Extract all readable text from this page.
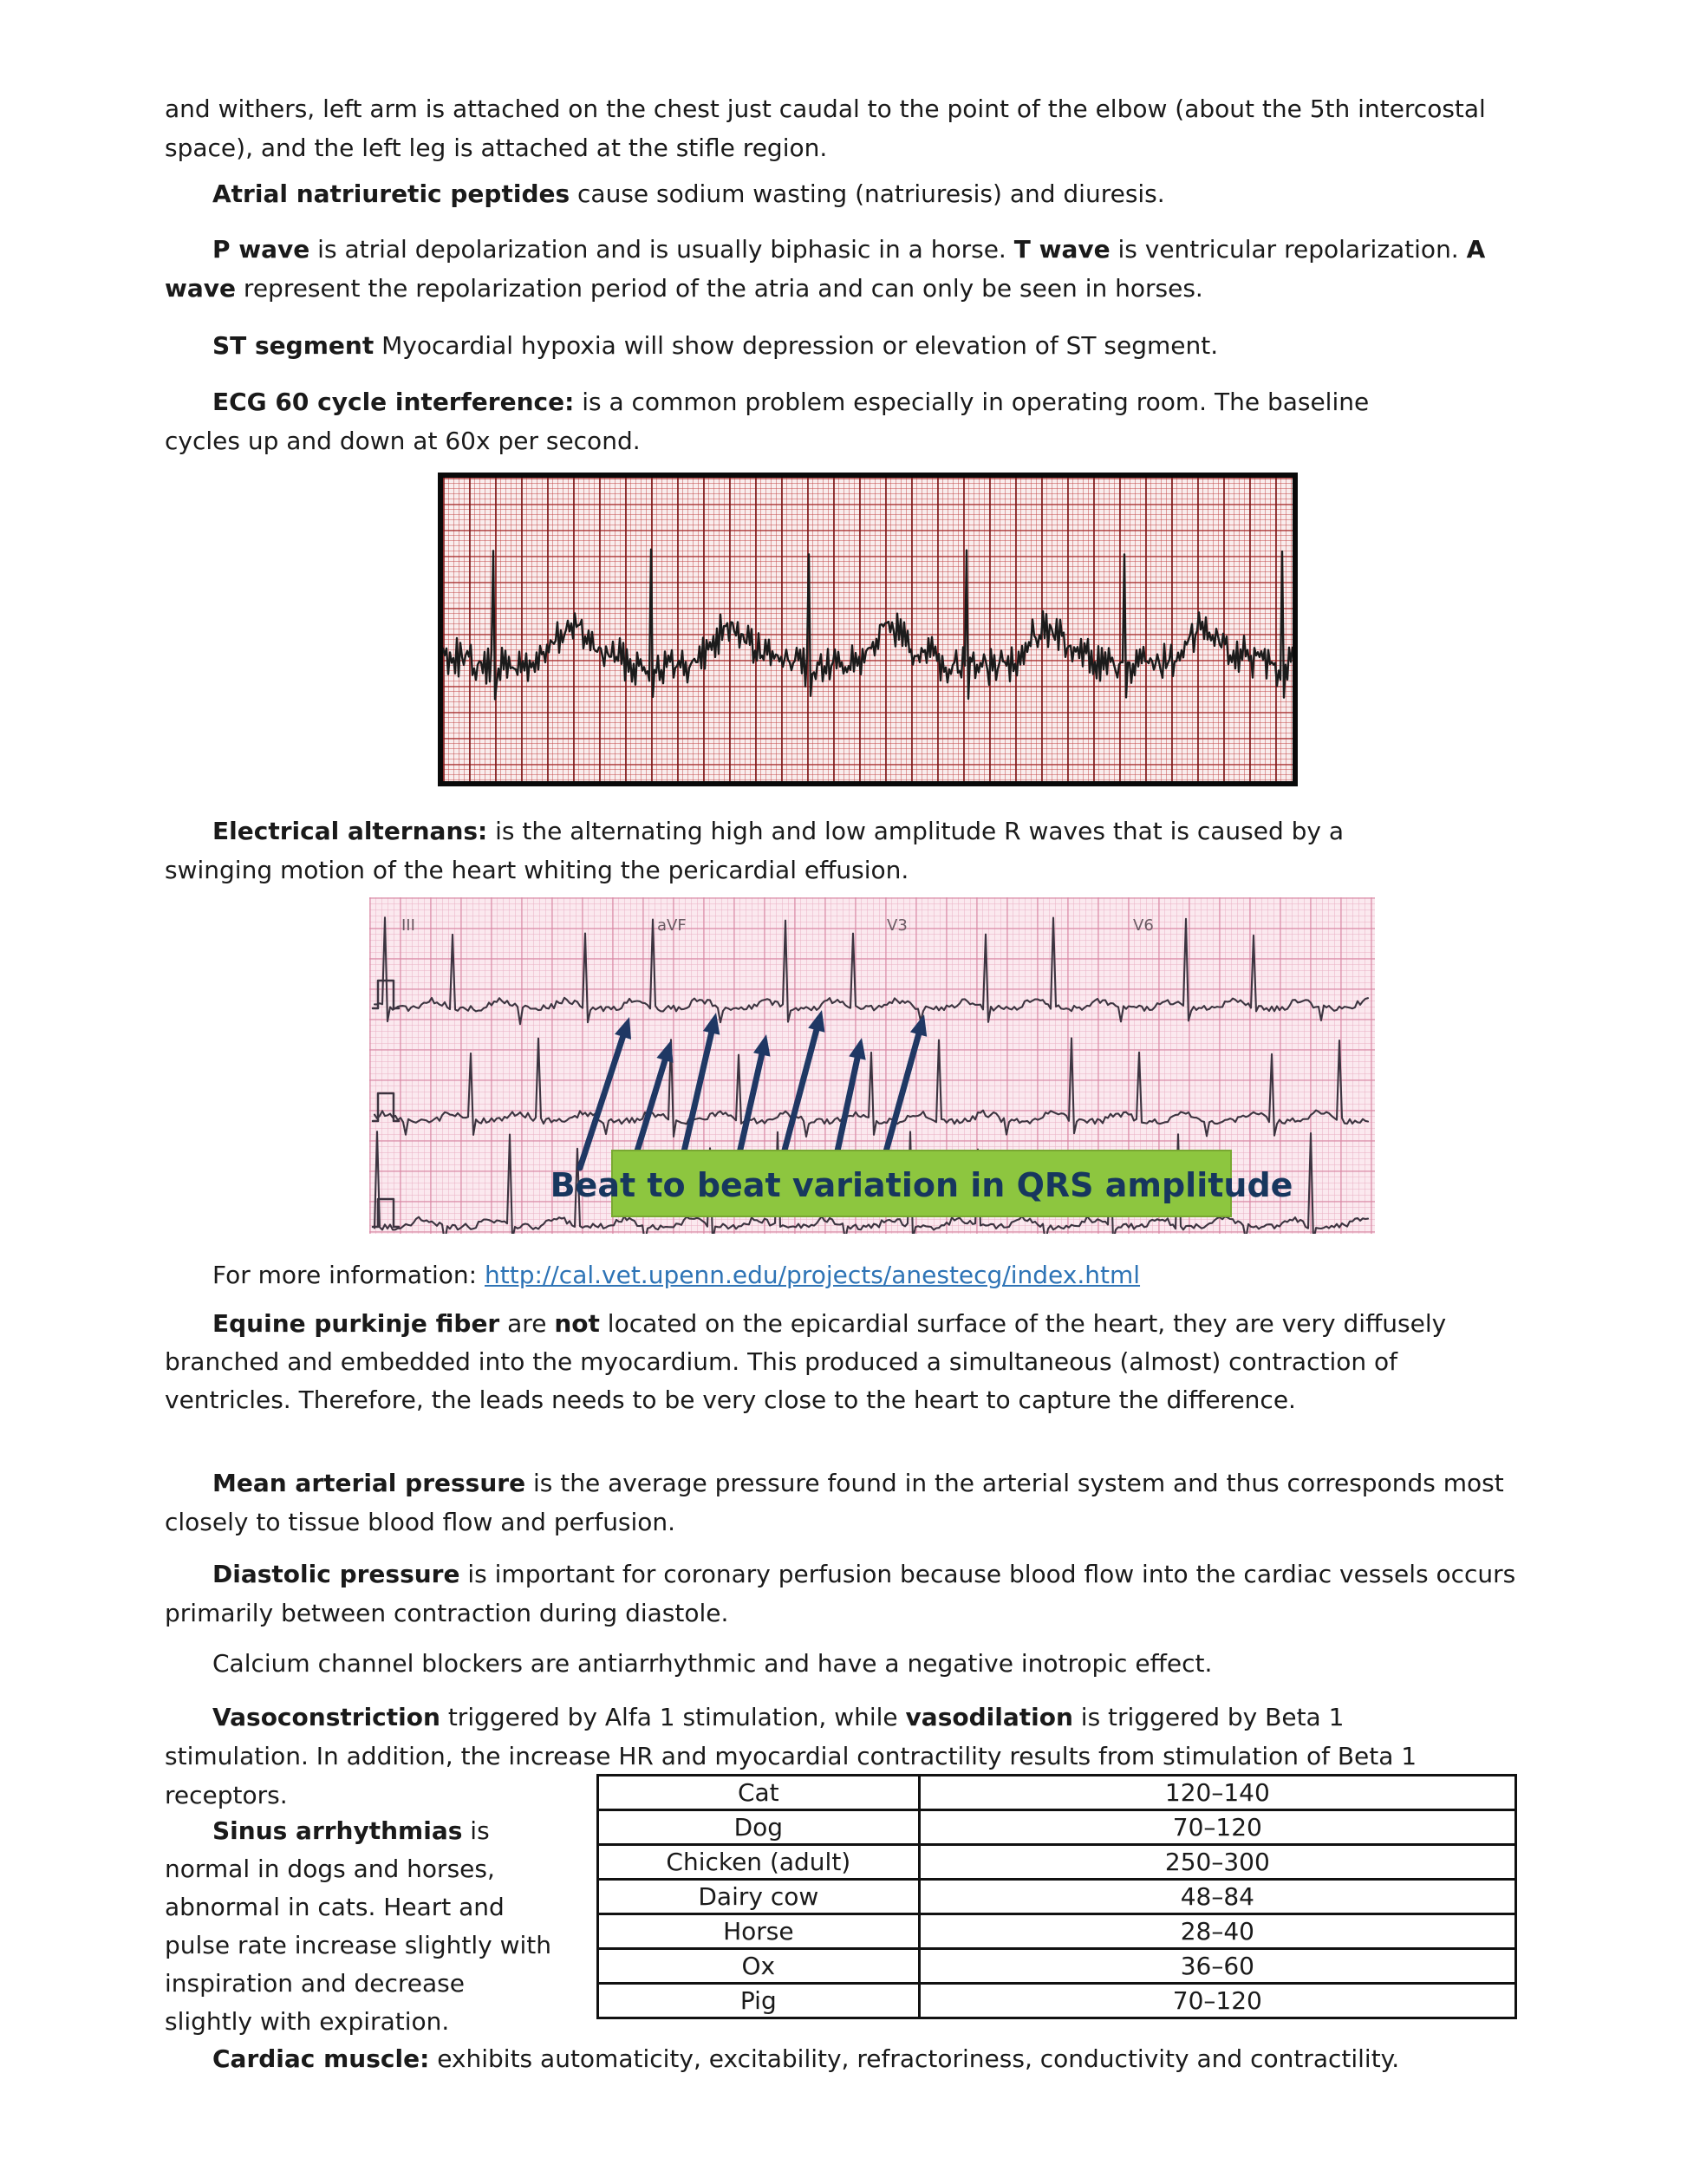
and withers, left arm is attached on the chest just caudal to the point of the elbow (about the 5th intercostal space), and the left leg is attached at the stifle region.
Atrial natriuretic peptides cause sodium wasting (natriuresis) and diuresis.
P wave is atrial depolarization and is usually biphasic in a horse. T wave is ventricular repolarization. A wave represent the repolarization period of the atria and can only be seen in horses.
ST segment Myocardial hypoxia will show depression or elevation of ST segment.
ECG 60 cycle interference: is a common problem especially in operating room. The baseline cycles up and down at 60x per second.
Electrical alternans: is the alternating high and low amplitude R waves that is caused by a swinging motion of the heart whiting the pericardial effusion.
Beat to beat variation in QRS amplitude
III	aVF	V3	V6
For more information: http://cal.vet.upenn.edu/projects/anestecg/index.html
Equine purkinje fiber are not located on the epicardial surface of the heart, they are very diffusely branched and embedded into the myocardium. This produced a simultaneous (almost) contraction of ventricles. Therefore, the leads needs to be very close to the heart to capture the difference.
Mean arterial pressure is the average pressure found in the arterial system and thus corresponds most closely to tissue blood flow and perfusion.
Diastolic pressure is important for coronary perfusion because blood flow into the cardiac vessels occurs primarily between contraction during diastole.
Calcium channel blockers are antiarrhythmic and have a negative inotropic effect.
Vasoconstriction triggered by Alfa 1 stimulation, while vasodilation is triggered by Beta 1
stimulation. In addition, the increase HR and myocardial contractility results from stimulation of Beta 1
receptors.	Cat	120–140
Dog	70–120
Chicken (adult)	250–300
Dairy cow	48–84
Horse	28–40
Ox	36–60
Pig	70–120
Sinus arrhythmias is normal in dogs and horses, abnormal in cats. Heart and pulse rate increase slightly with inspiration and decrease slightly with expiration.
Cardiac muscle: exhibits automaticity, excitability, refractoriness, conductivity and contractility.
